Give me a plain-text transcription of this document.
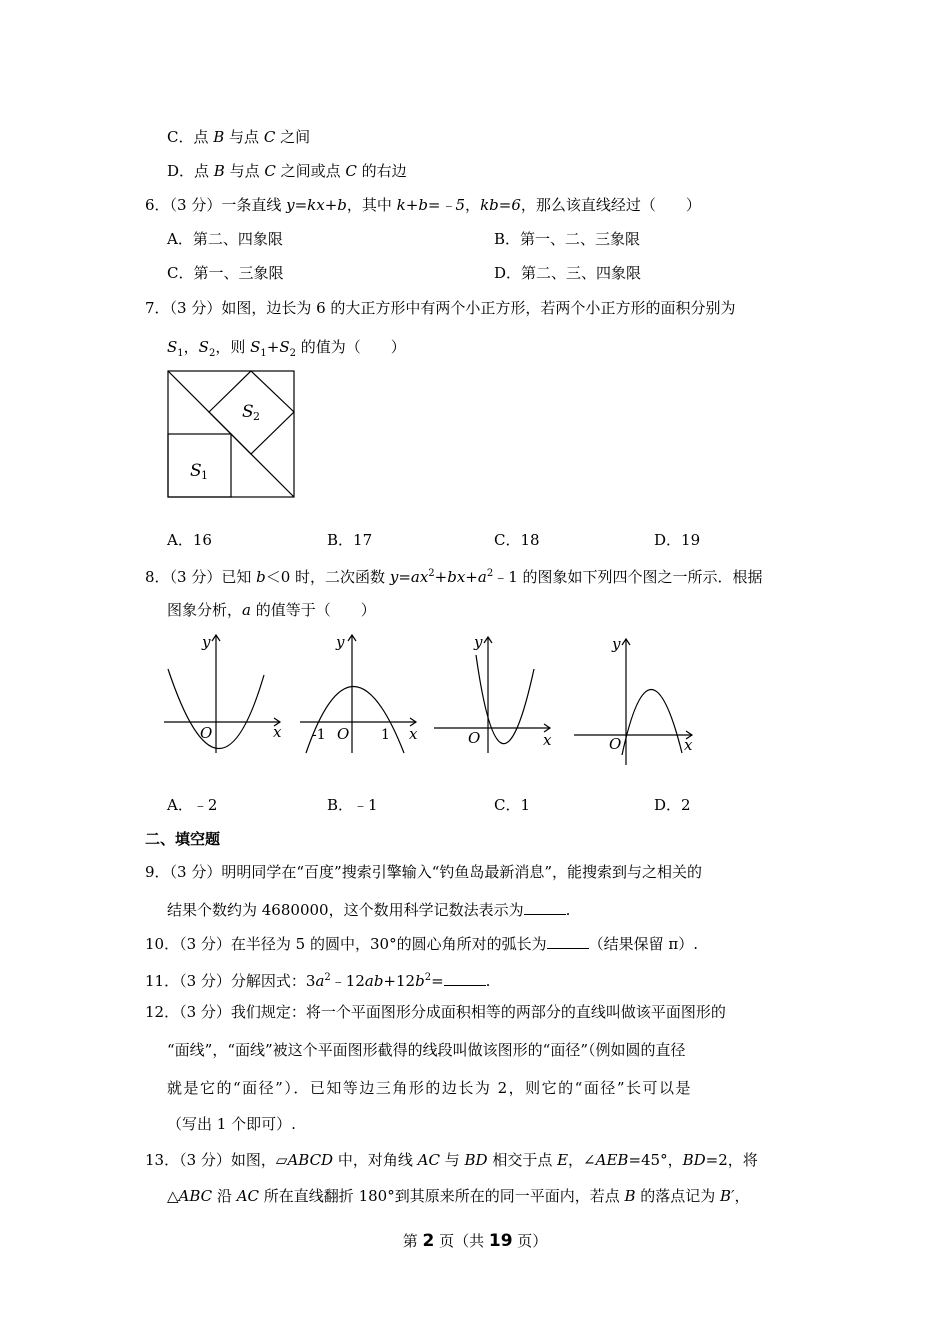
C．点 B 与点 C 之间
D．点 B 与点 C 之间或点 C 的右边
6．（3 分）一条直线 y=kx+b，其中 k+b=﹣5，kb=6，那么该直线经过（　　）
A．第二、四象限	B．第一、二、三象限
C．第一、三象限	D．第二、三、四象限
7．（3 分）如图，边长为 6 的大正方形中有两个小正方形，若两个小正方形的面积分别为
$S_1$，$S_2$，则 $S_1+S_2$ 的值为（　　）
S 1
S 2
A．16	B．17	C．18	D．19
8．（3 分）已知 b＜0 时，二次函数 $y=ax^2+bx+a^2﹣1$ 的图象如下列四个图之一所示．根据
图象分析，a 的值等于（　　）
y
x
O
y
x
O
-1	1
y
x
O
y
x
O
A．﹣2	B．﹣1	C．1	D．2
二、填空题
9．（3 分）明明同学在“百度”搜索引擎输入“钓鱼岛最新消息”，能搜索到与之相关的
结果个数约为 4680000，这个数用科学记数法表示为	.
10．（3 分）在半径为 5 的圆中，30°的圆心角所对的弧长为	（结果保留 π）.
11．（3 分）分解因式：$3a^2﹣12ab+12b^2=$	.
12．（3 分）我们规定：将一个平面图形分成面积相等的两部分的直线叫做该平面图形的
“面线”，“面线”被这个平面图形截得的线段叫做该图形的“面径”（例如圆的直径
就是它的“面径”）．已知等边三角形的边长为 2，则它的“面径”长可以是
（写出 1 个即可）.
13．（3 分）如图，▱ABCD 中，对角线 AC 与 BD 相交于点 E，∠AEB=45°，BD=2，将
△ABC 沿 AC 所在直线翻折 180°到其原来所在的同一平面内，若点 B 的落点记为 B′，
第 2 页（共 19 页）
